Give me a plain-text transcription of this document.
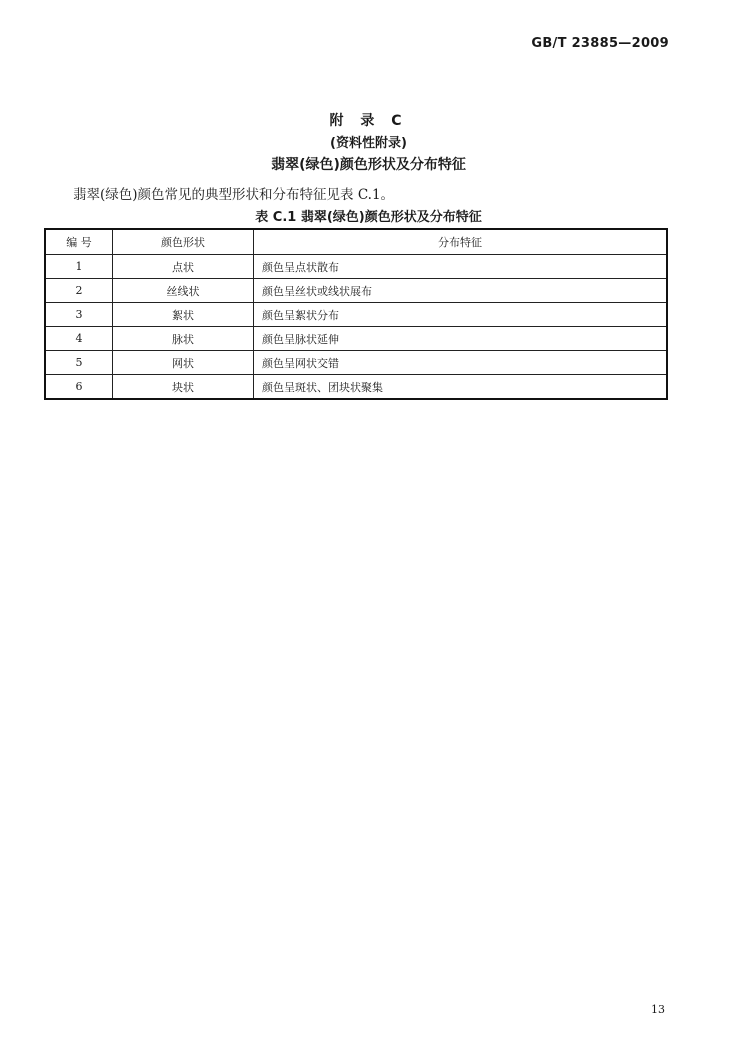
GB/T 23885—2009
附 录 C
(资料性附录)
翡翠(绿色)颜色形状及分布特征
翡翠(绿色)颜色常见的典型形状和分布特征见表 C.1。
表 C.1 翡翠(绿色)颜色形状及分布特征
编 号	颜色形状	分布特征
1	点状	颜色呈点状散布
2	丝线状	颜色呈丝状或线状展布
3	絮状	颜色呈絮状分布
4	脉状	颜色呈脉状延伸
5	网状	颜色呈网状交错
6	块状	颜色呈斑状、团块状聚集
13
